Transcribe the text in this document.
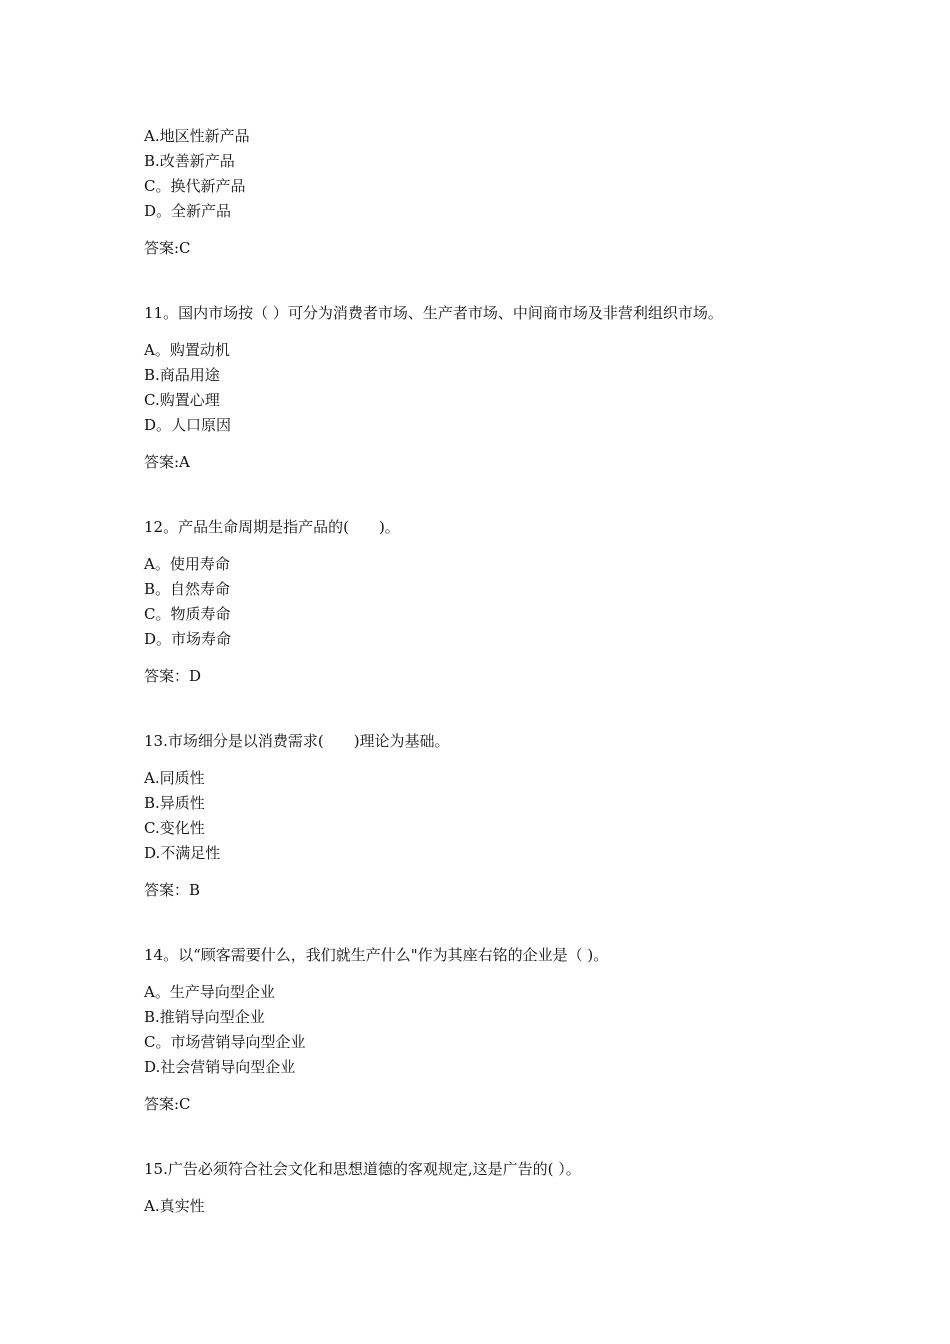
A.地区性新产品
B.改善新产品
C。换代新产品
D。全新产品
答案:C
11。国内市场按（ ）可分为消费者市场、生产者市场、中间商市场及非营利组织市场。
A。购置动机
B.商品用途
C.购置心理
D。人口原因
答案:A
12。产品生命周期是指产品的(　　)。
A。使用寿命
B。自然寿命
C。物质寿命
D。市场寿命
答案：D
13.市场细分是以消费需求(　　)理论为基础。
A.同质性
B.异质性
C.变化性
D.不满足性
答案：B
14。以“顾客需要什么，我们就生产什么"作为其座右铭的企业是（ )。
A。生产导向型企业
B.推销导向型企业
C。市场营销导向型企业
D.社会营销导向型企业
答案:C
15.广告必须符合社会文化和思想道德的客观规定,这是广告的( ）。
A.真实性
